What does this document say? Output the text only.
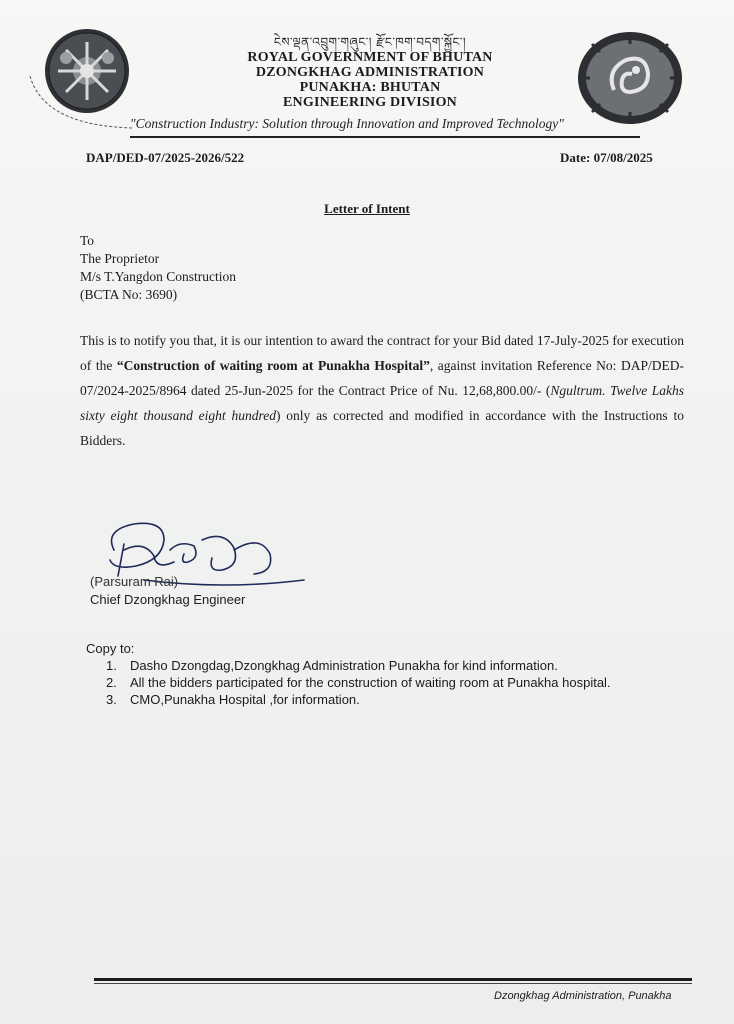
ངེས་ལྡན་འབྲུག་གཞུང་། རྫོང་ཁག་བདག་སྐྱོང་།
ROYAL GOVERNMENT OF BHUTAN
DZONGKHAG ADMINISTRATION
PUNAKHA: BHUTAN
ENGINEERING DIVISION
"Construction Industry: Solution through Innovation and Improved Technology"
DAP/DED-07/2025-2026/522	Date: 07/08/2025
Letter of Intent
To
The Proprietor
M/s T.Yangdon Construction
(BCTA No: 3690)
This is to notify you that, it is our intention to award the contract for your Bid dated 17-July-2025 for execution of the “Construction of waiting room at Punakha Hospital”, against invitation Reference No: DAP/DED-07/2024-2025/8964 dated 25-Jun-2025 for the Contract Price of Nu. 12,68,800.00/- (Ngultrum. Twelve Lakhs sixty eight thousand eight hundred) only as corrected and modified in accordance with the Instructions to Bidders.
(Parsuram Rai)
Chief Dzongkhag Engineer
Copy to:
1.	Dasho Dzongdag,Dzongkhag Administration Punakha for kind information.
2.	All the bidders participated for the construction of waiting room at Punakha hospital.
3.	CMO,Punakha Hospital ,for information.
Dzongkhag Administration, Punakha
